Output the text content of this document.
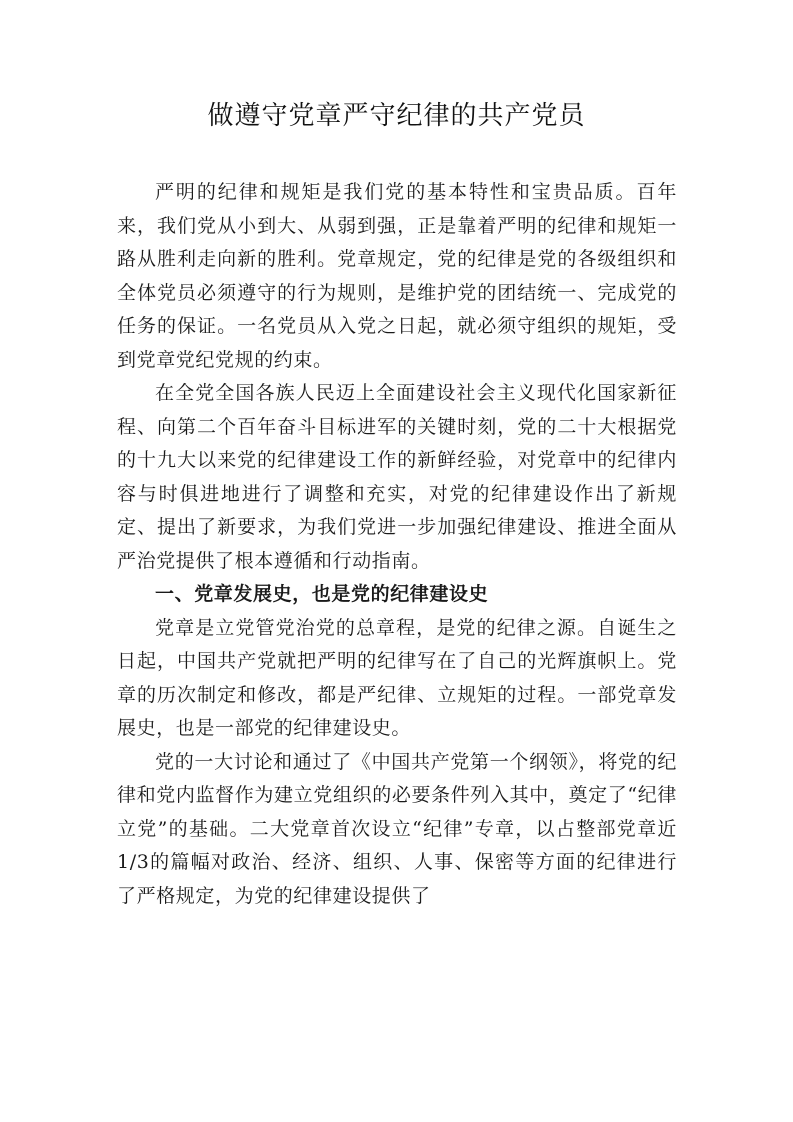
做遵守党章严守纪律的共产党员

严明的纪律和规矩是我们党的基本特性和宝贵品质。百年来，我们党从小到大、从弱到强，正是靠着严明的纪律和规矩一路从胜利走向新的胜利。党章规定，党的纪律是党的各级组织和全体党员必须遵守的行为规则，是维护党的团结统一、完成党的任务的保证。一名党员从入党之日起，就必须守组织的规矩，受到党章党纪党规的约束。

在全党全国各族人民迈上全面建设社会主义现代化国家新征程、向第二个百年奋斗目标进军的关键时刻，党的二十大根据党的十九大以来党的纪律建设工作的新鲜经验，对党章中的纪律内容与时俱进地进行了调整和充实，对党的纪律建设作出了新规定、提出了新要求，为我们党进一步加强纪律建设、推进全面从严治党提供了根本遵循和行动指南。

一、党章发展史，也是党的纪律建设史

党章是立党管党治党的总章程，是党的纪律之源。自诞生之日起，中国共产党就把严明的纪律写在了自己的光辉旗帜上。党章的历次制定和修改，都是严纪律、立规矩的过程。一部党章发展史，也是一部党的纪律建设史。

党的一大讨论和通过了《中国共产党第一个纲领》，将党的纪律和党内监督作为建立党组织的必要条件列入其中，奠定了“纪律立党”的基础。二大党章首次设立“纪律”专章，以占整部党章近1/3的篇幅对政治、经济、组织、人事、保密等方面的纪律进行了严格规定，为党的纪律建设提供了
